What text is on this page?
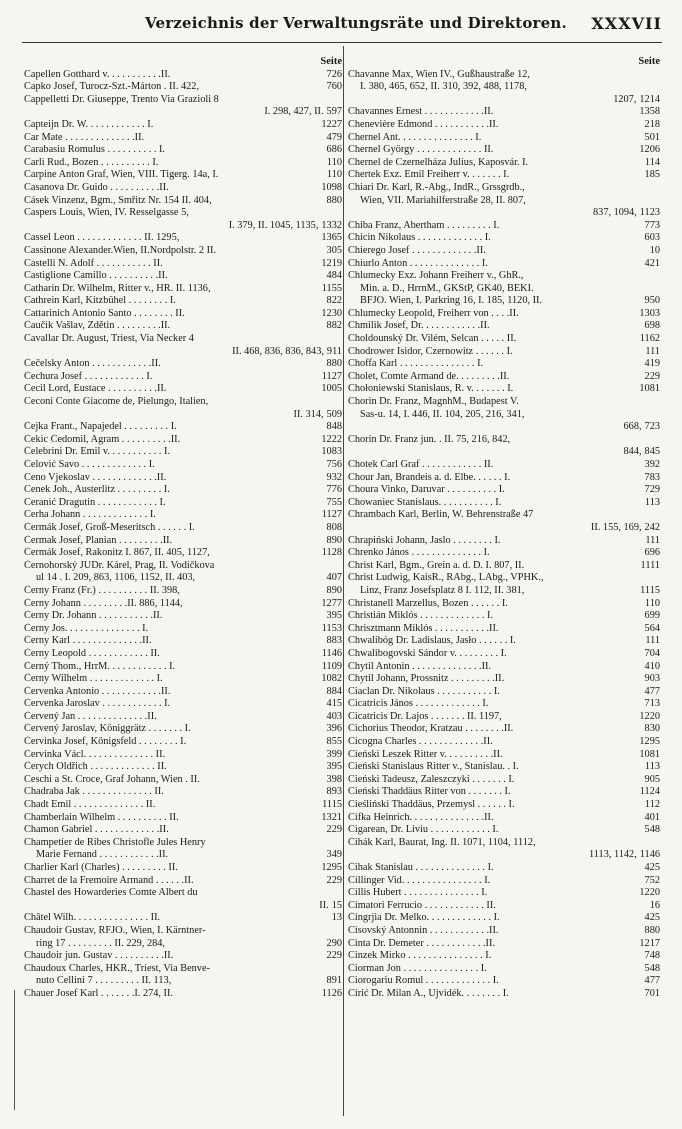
Verzeichnis der Verwaltungsräte und Direktoren. XXXVII
Seite
Capellen Gotthard v. . . . . . . . . . .II.	726
Capko Josef, Turocz-Szt.-Márton . II. 422,	760
Cappelletti Dr. Giuseppe, Trento Via Grazioli 8
I. 298, 427, II. 597
Capteijn Dr. W. . . . . . . . . . . . I.	1227
Car Mate . . . . . . . . . . . . . .II.	479
Carabasiu Romulus . . . . . . . . . . I.	686
Carli Rud., Bozen . . . . . . . . . . I.	110
Carpine Anton Graf, Wien, VIII. Tigerg. 14a, I.	110
Casanova Dr. Guido . . . . . . . . . .II.	1098
Cásek Vinzenz, Bgm., Smřitz Nr. 154 II. 404,	880
Caspers Louis, Wien, IV. Resselgasse 5,
I. 379, II. 1045, 1135, 1332
Cassel Leon . . . . . . . . . . . . . II. 1295,	1365
Cassinone Alexander.Wien, II.Nordpolstr. 2 II.	305
Castelli N. Adolf . . . . . . . . . . . II.	1219
Castiglione Camillo . . . . . . . . . .II.	484
Catharin Dr. Wilhelm, Ritter v., HR. II. 1136,	1155
Cathrein Karl, Kitzbühel . . . . . . . . I.	822
Cattarinich Antonio Santo . . . . . . . . II.	1230
Čaučik Vašlav, Zdětin . . . . . . . . .II.	882
Cavallar Dr. August, Triest, Via Necker 4
II. 468, 836, 836, 843, 911
Čečelsky Anton . . . . . . . . . . . .II.	880
Čechura Josef . . . . . . . . . . . . I.	1127
Cecil Lord, Eustace . . . . . . . . . .II.	1005
Ceconi Conte Giacome de, Pielungo, Italien,
II. 314, 509
Čejka Frant., Napajedel . . . . . . . . . I.	848
Čekic Čedomil, Agram . . . . . . . . . .II.	1222
Čelebrini Dr. Emil v. . . . . . . . . . . I.	1083
Čelović Savo . . . . . . . . . . . . . I.	756
Ceno Vjekoslav . . . . . . . . . . . . .II.	932
Cenek Joh., Austerlitz . . . . . . . . . I.	776
Ceranić Dragutin . . . . . . . . . . . . I.	755
Cerha Johann . . . . . . . . . . . . . I.	1127
Čermák Josef, Groß-Meseritsch . . . . . . I.	808
Čermak Josef, Planian . . . . . . . . .II.	890
Čermák Josef, Rakonitz I. 867, II. 405, 1127,	1128
Černohorský JUDr. Kárel, Prag, II. Vodičkova
ul 14 . I. 209, 863, 1106, 1152, II. 403,	407
Černy Franz (Fr.) . . . . . . . . . . II. 398,	890
Černy Johann . . . . . . . . .II. 886, 1144,	1277
Černy Dr. Johann . . . . . . . . . . .II.	395
Černy Jos. . . . . . . . . . . . . . . I.	1153
Černy Karl . . . . . . . . . . . . . .II.	883
Černy Leopold . . . . . . . . . . . . II.	1146
Černý Thom., HrrM. . . . . . . . . . . . I.	1109
Černy Wilhelm . . . . . . . . . . . . . I.	1082
Červenka Antonio . . . . . . . . . . . .II.	884
Červenka Jaroslav . . . . . . . . . . . . I.	415
Červený Jan . . . . . . . . . . . . . .II.	403
Červený Jaroslav, Königgrätz . . . . . . . I.	396
Červinka Josef, Königsfeld . . . . . . . . I.	855
Červinka Václ. . . . . . . . . . . . . . II.	399
Čerych Oldřich . . . . . . . . . . . . . II.	395
Ceschi a St. Croce, Graf Johann, Wien . II.	398
Chadraba Jak . . . . . . . . . . . . . . II.	893
Chadt Emil . . . . . . . . . . . . . . II.	1115
Chamberlain Wilhelm . . . . . . . . . . II.	1321
Chamon Gabriel . . . . . . . . . . . . .II.	229
Champetier de Ribes Christofle Jules Henry
Marie Fernand . . . . . . . . . . . .II.	349
Charlier Karl (Charles) . . . . . . . . . II.	1295
Charret de la Fremoire Armand . . . . . .II.	229
Chastel des Howarderies Comte Albert du
II. 15
Châtel Wilh. . . . . . . . . . . . . . . II.	13
Chaudoir Gustav, RFJO., Wien, I. Kärntner-
ring 17 . . . . . . . . . II. 229, 284,	290
Chaudoir jun. Gustav . . . . . . . . . .II.	229
Chaudoux Charles, HKR., Triest, Via Benve-
nuto Cellini 7 . . . . . . . . . II. 113,	891
Chauer Josef Karl . . . . . . .I. 274, II.	1126
Seite
Chavanne Max, Wien IV., Gußhaustraße 12,
I. 380, 465, 652, II. 310, 392, 488, 1178,
1207, 1214
Chavannes Ernest . . . . . . . . . . . .II.	1358
Chenevière Edmond . . . . . . . . . . .II.	218
Chernel Ant. . . . . . . . . . . . . . . I.	501
Chernel György . . . . . . . . . . . . . II.	1206
Chernel de Czernelháza Julius, Kaposvár. I.	114
Chertek Exz. Emil Freiherr v. . . . . . . I.	185
Chiari Dr. Karl, R.-Abg., IndR., Grssgrdb.,
Wien, VII. Mariahilferstraße 28, II. 807,
837, 1094, 1123
Chiba Franz, Abertham . . . . . . . . . I.	773
Chicin Nikolaus . . . . . . . . . . . . . I.	603
Chierego Josef . . . . . . . . . . . . .II.	10
Chiurlo Anton . . . . . . . . . . . . . . I.	421
Chlumecky Exz. Johann Freiherr v., GhR.,
Min. a. D., HrrnM., GKStP, GK40, BEKI.
BFJO. Wien, I. Parkring 16, I. 185, 1120, II.	950
Chlumecky Leopold, Freiherr von . . . .II.	1303
Chmilik Josef, Dr. . . . . . . . . . . .II.	698
Choldounský Dr. Vilém, Selcan . . . . . II.	1162
Chodrower Isidor, Czernowitz . . . . . . I.	111
Choffa Karl . . . . . . . . . . . . . . . I.	419
Cholet, Comte Armand de. . . . . . . . .II.	229
Chołoniewski Stanislaus, R. v. . . . . . . I.	1081
Chorin Dr. Franz, MagnhM., Budapest V.
Sas-u. 14, I. 446, II. 104, 205, 216, 341,
668, 723
Chorin Dr. Franz jun. . II. 75, 216, 842,
844, 845
Chotek Carl Graf . . . . . . . . . . . . II.	392
Chour Jan, Brandeis a. d. Elbe. . . . . . I.	783
Choura Vinko, Daruvar . . . . . . . . . . I.	729
Chowaniec Stanislaus. . . . . . . . . . . I.	113
Chrambach Karl, Berlin, W. Behrenstraße 47
II. 155, 169, 242
Chrapiński Johann, Jaslo . . . . . . . . I.	111
Chrenko János . . . . . . . . . . . . . . I.	696
Christ Karl, Bgm., Grein a. d. D. I. 807, II.	1111
Christ Ludwig, KaisR., RAbg., LAbg., VPHK.,
Linz, Franz Josefsplatz 8 I. 112, II. 381,	1115
Christanell Marzellus, Bozen . . . . . . I.	110
Christián Miklós . . . . . . . . . . . . . I.	699
Chrisztmann Miklós . . . . . . . . . . .II.	564
Chwalibóg Dr. Ladislaus, Jasło . . . . . . I.	111
Chwalibogovski Sándor v. . . . . . . . . I.	704
Chytil Antonin . . . . . . . . . . . . . .II.	410
Chytil Johann, Prossnitz . . . . . . . . .II.	903
Ciaclan Dr. Nikolaus . . . . . . . . . . . I.	477
Cicatricis János . . . . . . . . . . . . . I.	713
Cicatricis Dr. Lajos . . . . . . . II. 1197,	1220
Cichorius Theodor, Kratzau . . . . . . . .II.	830
Cicogna Charles . . . . . . . . . . . . .II.	1295
Cieński Leszek Ritter v. . . . . . . . . .II.	1081
Cieński Stanislaus Ritter v., Stanislau. . I.	113
Cieński Tadeusz, Zaleszczyki . . . . . . . I.	905
Cieński Thaddäus Ritter von . . . . . . . I.	1124
Cieśliński Thaddäus, Przemysl . . . . . . I.	112
Cifka Heinrich. . . . . . . . . . . . . . .II.	401
Cigarean, Dr. Liviu . . . . . . . . . . . . I.	548
Čihák Karl, Baurat, Ing. II. 1071, 1104, 1112,
1113, 1142, 1146
Čihak Stanislau . . . . . . . . . . . . . . I.	425
Cillinger Vid. . . . . . . . . . . . . . . . I.	752
Cillis Hubert . . . . . . . . . . . . . . . I.	1220
Cimatori Ferrucio . . . . . . . . . . . . II.	16
Čingrjia Dr. Melko. . . . . . . . . . . . . I.	425
Cisovský Antonnin . . . . . . . . . . . .II.	880
Cinta Dr. Demeter . . . . . . . . . . . .II.	1217
Cinzek Mirko . . . . . . . . . . . . . . . I.	748
Ciorman Jon . . . . . . . . . . . . . . . I.	548
Ciorogariu Romul . . . . . . . . . . . . . I.	477
Cirić Dr. Milan A., Ujvidék. . . . . . . . I.	701
